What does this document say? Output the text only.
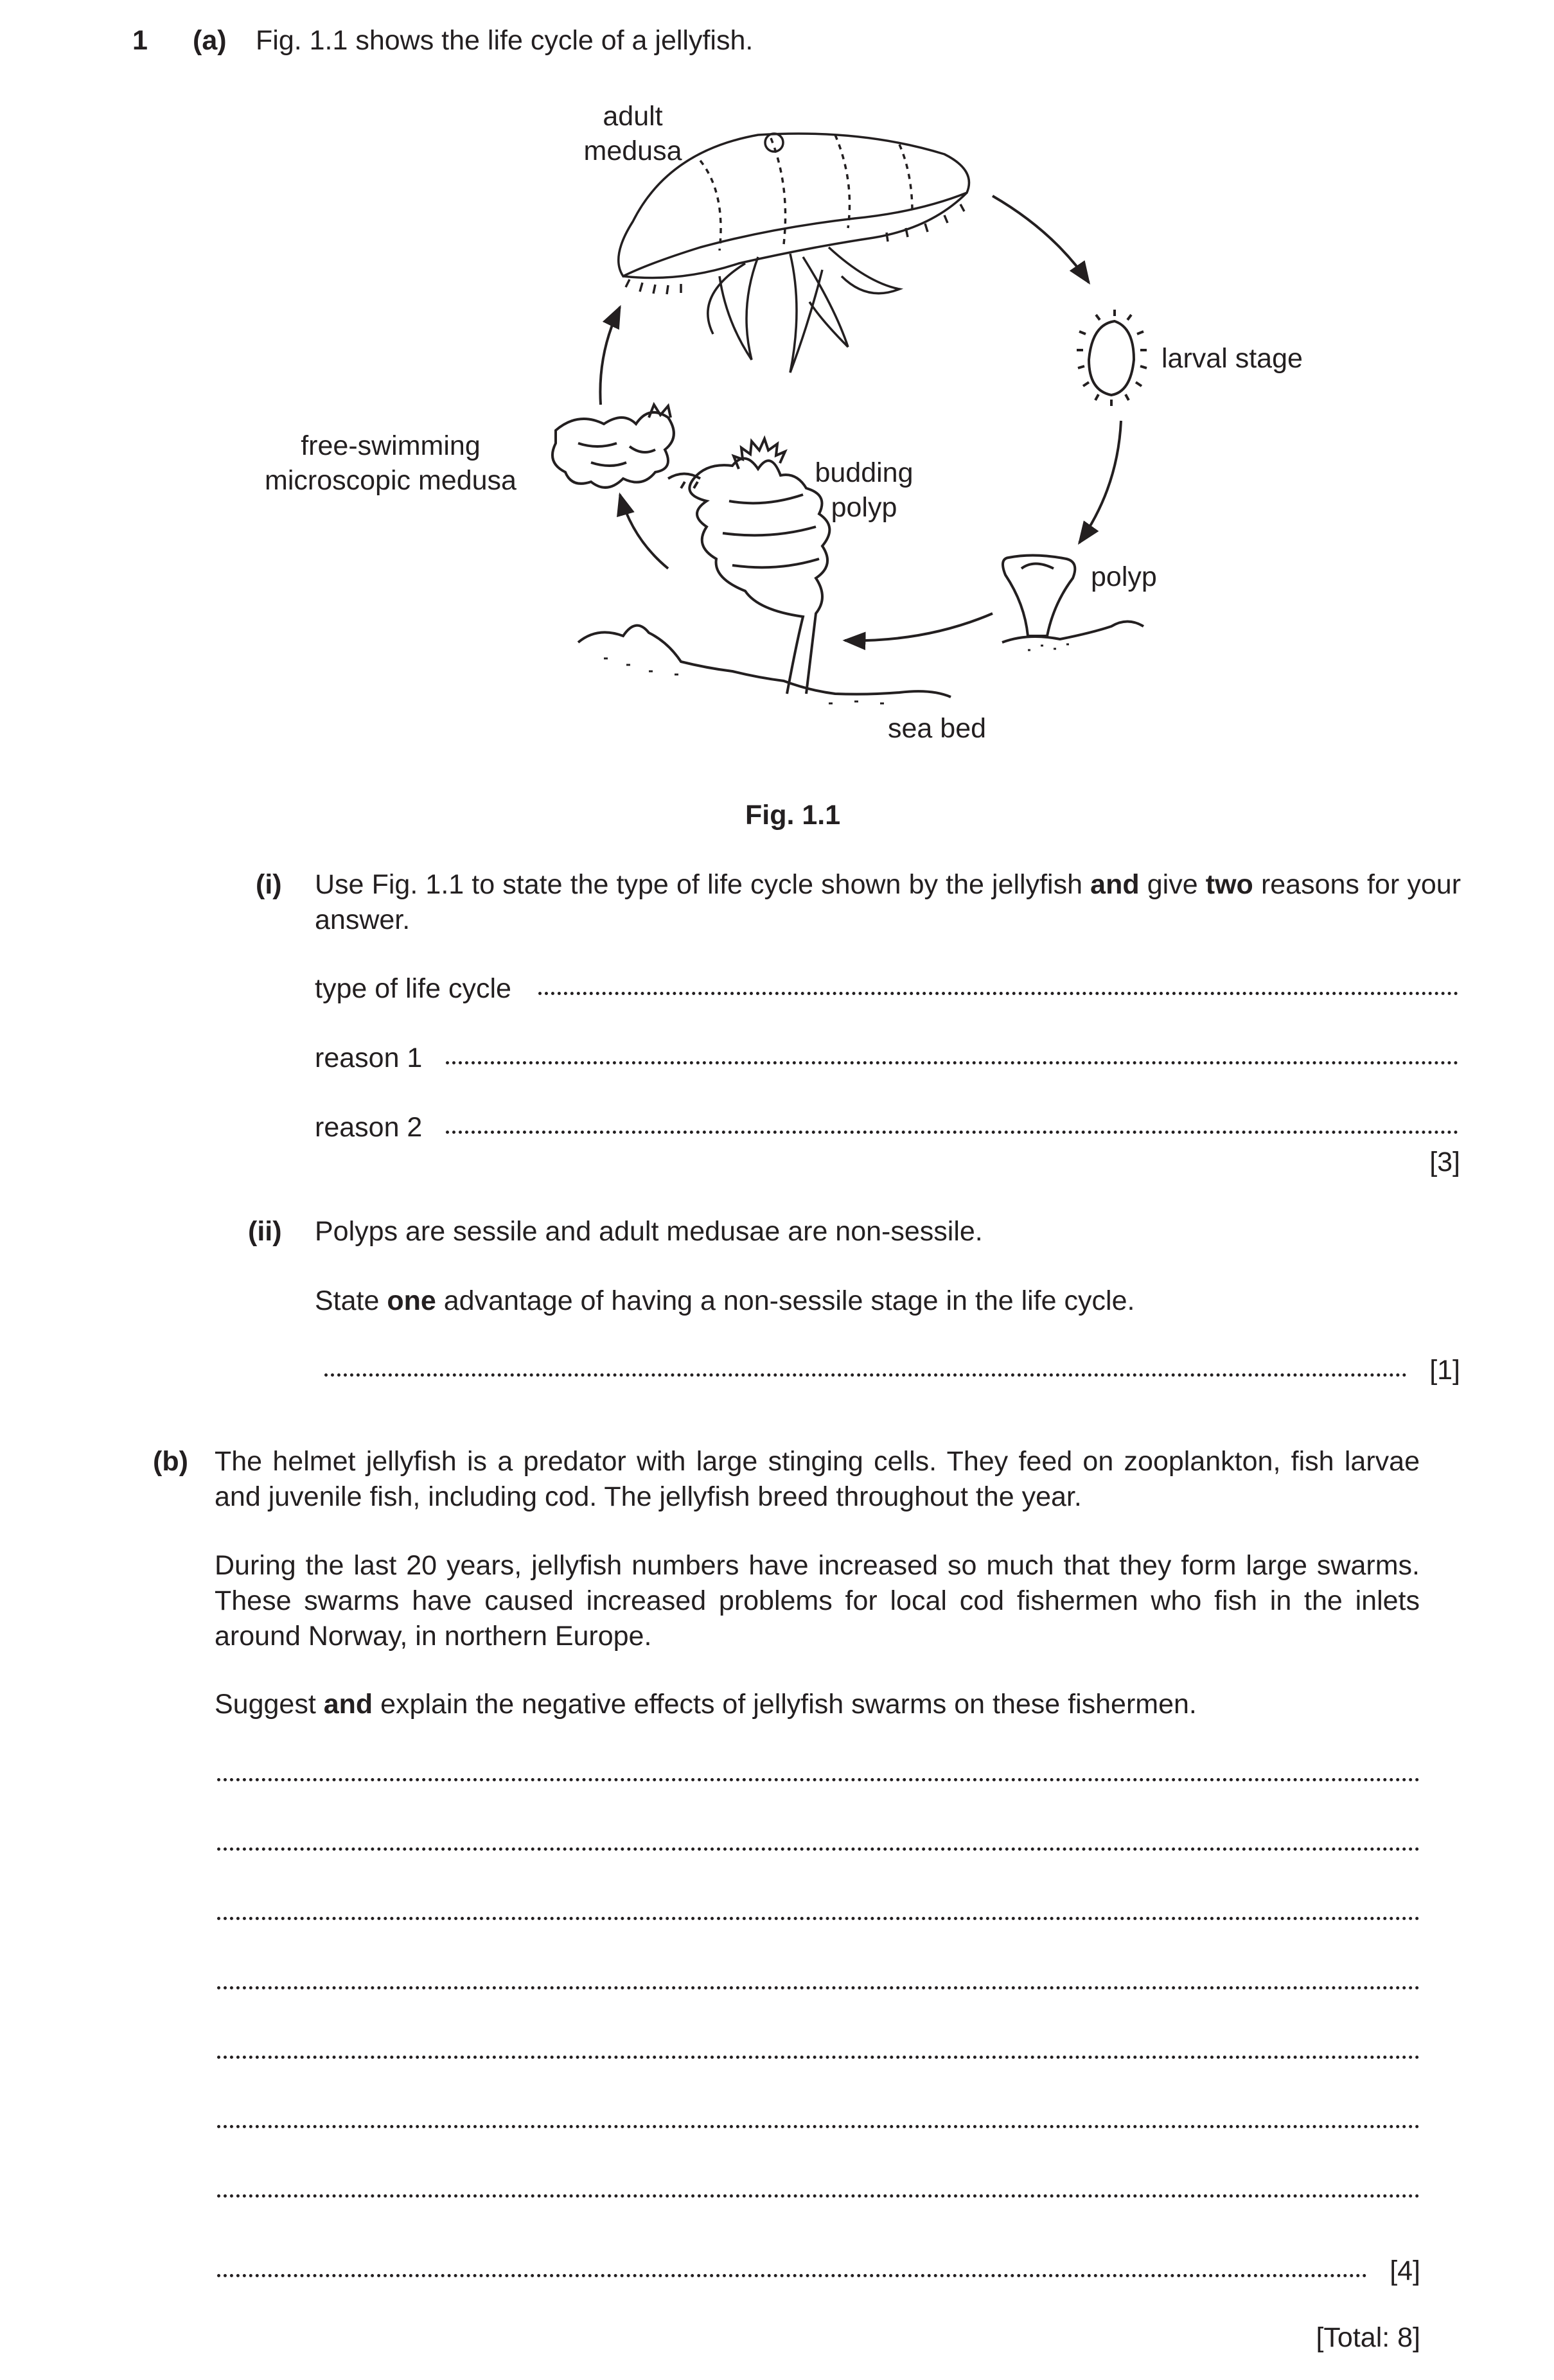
1 (a) Fig. 1.1 shows the life cycle of a jellyfish.
adult
medusa
larval stage
polyp
sea bed
budding
polyp
free-swimming
microscopic medusa
Fig. 1.1
(i) Use Fig. 1.1 to state the type of life cycle shown by the jellyfish and give two reasons for your answer.
type of life cycle
reason 1
reason 2
[3]
(ii) Polyps are sessile and adult medusae are non-sessile.
State one advantage of having a non-sessile stage in the life cycle.
[1]
(b) The helmet jellyfish is a predator with large stinging cells. They feed on zooplankton, fish larvae and juvenile fish, including cod. The jellyfish breed throughout the year.
During the last 20 years, jellyfish numbers have increased so much that they form large swarms. These swarms have caused increased problems for local cod fishermen who fish in the inlets around Norway, in northern Europe.
Suggest and explain the negative effects of jellyfish swarms on these fishermen.
[4]
[Total: 8]
